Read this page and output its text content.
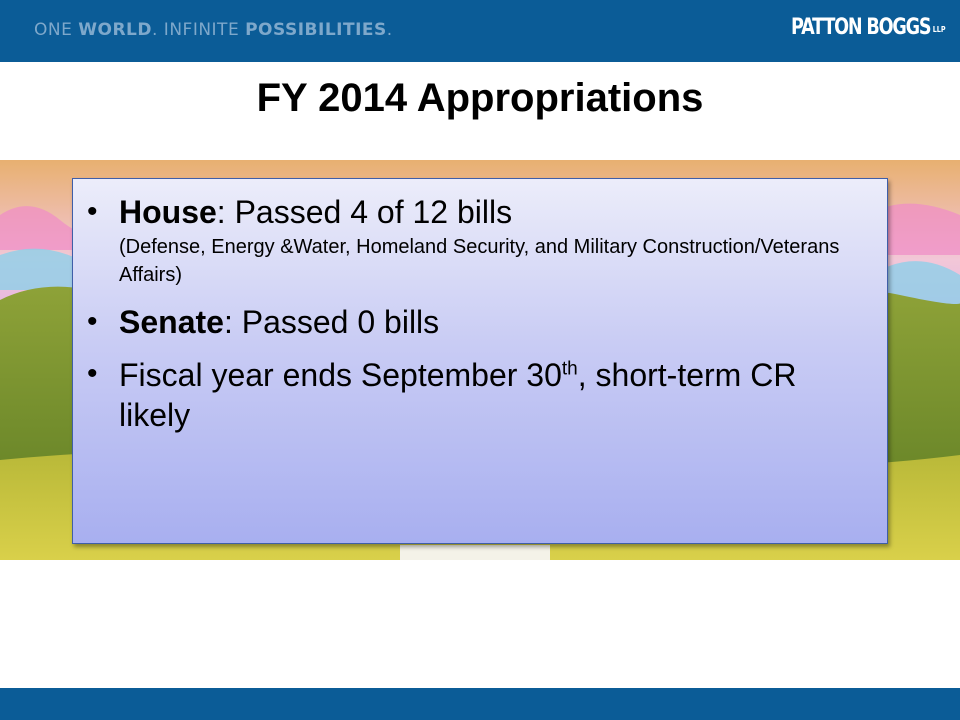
ONE WORLD. INFINITE POSSIBILITIES.	PATTON BOGGS LLP
FY 2014 Appropriations
• House: Passed 4 of 12 bills
(Defense, Energy &Water, Homeland Security, and Military Construction/Veterans Affairs)
• Senate: Passed 0 bills
• Fiscal year ends September 30th, short-term CR likely
